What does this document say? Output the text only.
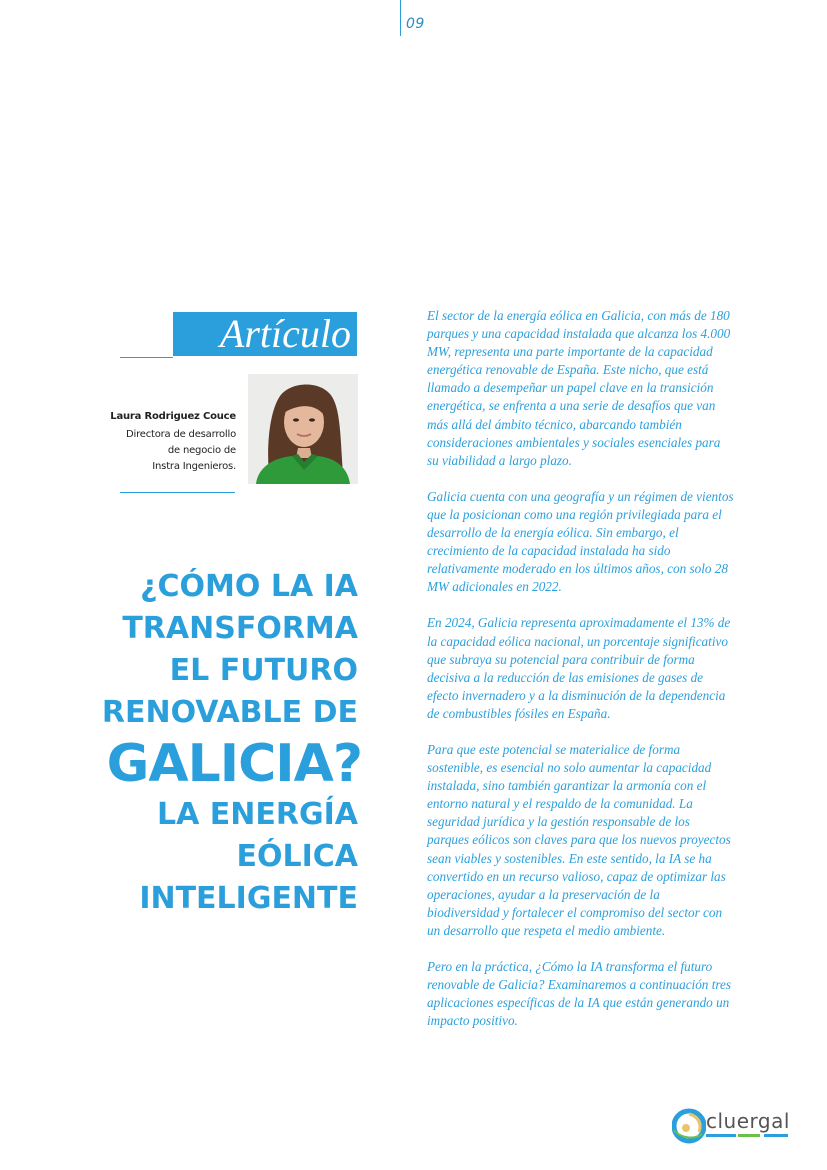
09
Artículo
Laura Rodriguez Couce
Directora de desarrollo
de negocio de
Instra Ingenieros.
¿CÓMO LA IA
TRANSFORMA
EL FUTURO
RENOVABLE DE
GALICIA?
LA ENERGÍA
EÓLICA
INTELIGENTE

El sector de la energía eólica en Galicia, con más de 180 parques y una capacidad instalada que alcanza los 4.000 MW, representa una parte importante de la capacidad energética renovable de España. Este nicho, que está llamado a desempeñar un papel clave en la transición energética, se enfrenta a una serie de desafíos que van más allá del ámbito técnico, abarcando también consideraciones ambientales y sociales esenciales para su viabilidad a largo plazo.

Galicia cuenta con una geografía y un régimen de vientos que la posicionan como una región privilegiada para el desarrollo de la energía eólica. Sin embargo, el crecimiento de la capacidad instalada ha sido relativamente moderado en los últimos años, con solo 28 MW adicionales en 2022.

En 2024, Galicia representa aproximadamente el 13% de la capacidad eólica nacional, un porcentaje significativo que subraya su potencial para contribuir de forma decisiva a la reducción de las emisiones de gases de efecto invernadero y a la disminución de la dependencia de combustibles fósiles en España.

Para que este potencial se materialice de forma sostenible, es esencial no solo aumentar la capacidad instalada, sino también garantizar la armonía con el entorno natural y el respaldo de la comunidad. La seguridad jurídica y la gestión responsable de los parques eólicos son claves para que los nuevos proyectos sean viables y sostenibles. En este sentido, la IA se ha convertido en un recurso valioso, capaz de optimizar las operaciones, ayudar a la preservación de la biodiversidad y fortalecer el compromiso del sector con un desarrollo que respeta el medio ambiente.

Pero en la práctica, ¿Cómo la IA transforma el futuro renovable de Galicia? Examinaremos a continuación tres aplicaciones específicas de la IA que están generando un impacto positivo.

cluergal
